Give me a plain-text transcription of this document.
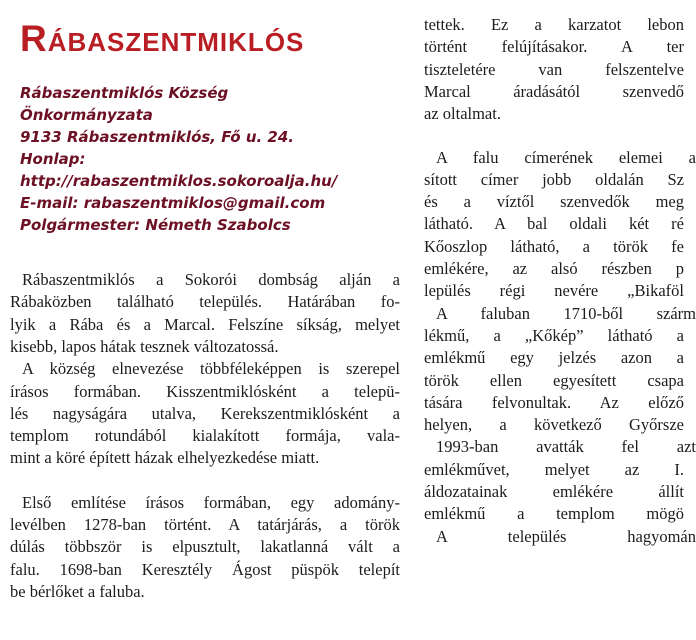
Rábaszentmiklós
Rábaszentmiklós Község
Önkormányzata
9133 Rábaszentmiklós, Fő u. 24.
Honlap:
http://rabaszentmiklos.sokoroalja.hu/
E-mail: rabaszentmiklos@gmail.com
Polgármester: Németh Szabolcs
Rábaszentmiklós a Sokorói dombság alján a
Rábaközben található település. Határában fo-
lyik a Rába és a Marcal. Felszíne síkság, melyet
kisebb, lapos hátak tesznek változatossá.
A község elnevezése többféleképpen is szerepel
írásos formában. Kisszentmiklósként a telepü-
lés nagyságára utalva, Kerekszentmiklósként a
templom rotundából kialakított formája, vala-
mint a köré épített házak elhelyezkedése miatt.
Első említése írásos formában, egy adomány-
levélben 1278-ban történt. A tatárjárás, a török
dúlás többször is elpusztult, lakatlanná vált a
falu. 1698-ban Keresztély Ágost püspök telepít
be bérlőket a faluba.
tettek. Ez a karzatot lebon
történt felújításakor. A ter
tiszteletére van felszentelve
Marcal áradásától szenvedő
az oltalmat.
A falu címerének elemei a
sított címer jobb oldalán Sz
és a víztől szenvedők meg
látható. A bal oldali két ré
Kőoszlop látható, a török fe
emlékére, az alsó részben p
lepülés régi nevére „Bikaföl
A faluban 1710-ből szárm
lékmű, a „Kőkép” látható a
emlékmű egy jelzés azon a
török ellen egyesített csapa
tására felvonultak. Az előző
helyen, a következő Győrsze
1993-ban avatták fel azt
emlékművet, melyet az I.
áldozatainak emlékére állít
emlékmű a templom mögö
A település hagyomán
